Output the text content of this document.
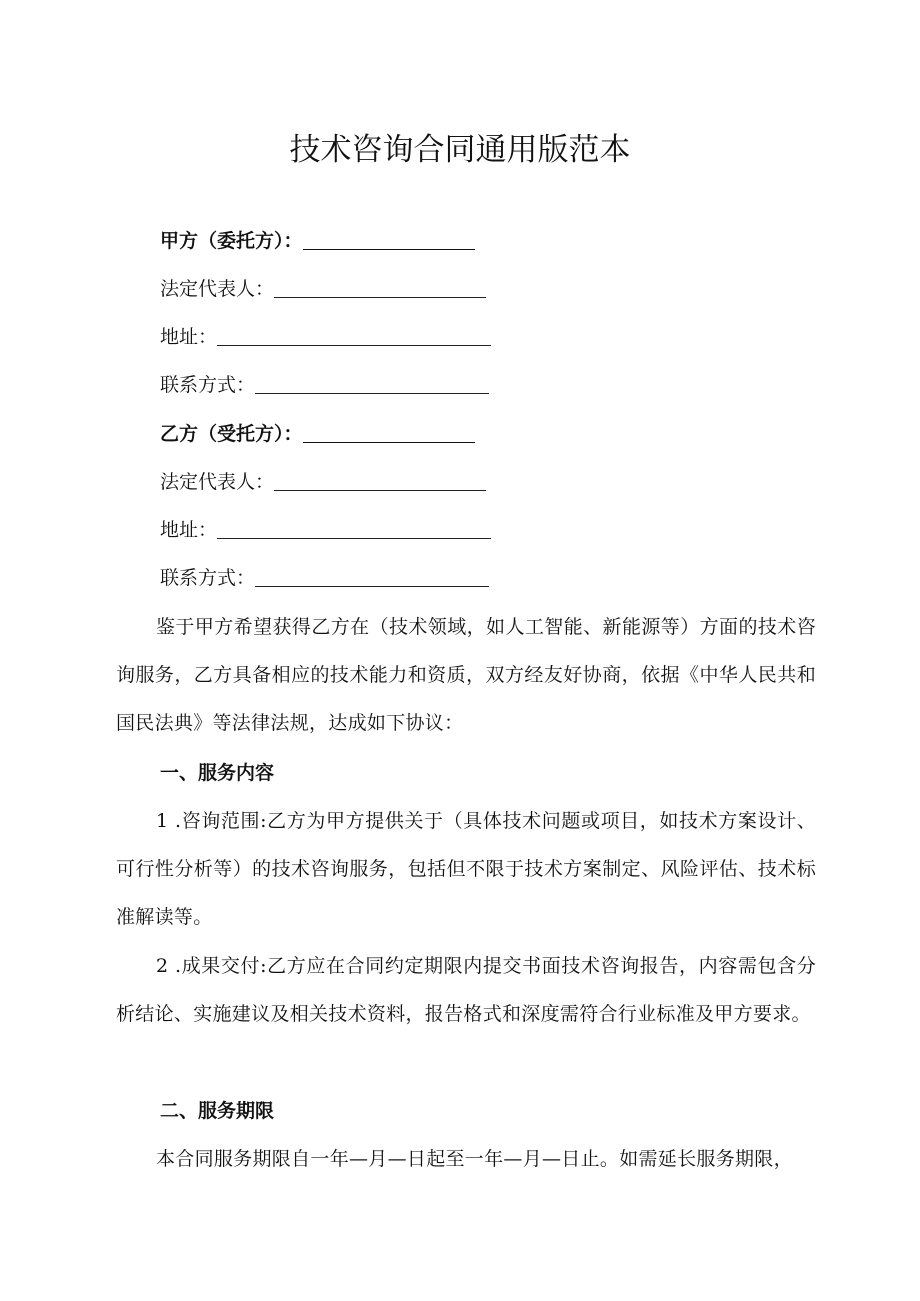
技术咨询合同通用版范本
甲方（委托方）：
法定代表人：
地址：
联系方式：
乙方（受托方）：
法定代表人：
地址：
联系方式：
鉴于甲方希望获得乙方在（技术领域，如人工智能、新能源等）方面的技术咨询服务，乙方具备相应的技术能力和资质，双方经友好协商，依据《中华人民共和国民法典》等法律法规，达成如下协议：
一、服务内容
1 .咨询范围:乙方为甲方提供关于（具体技术问题或项目，如技术方案设计、可行性分析等）的技术咨询服务，包括但不限于技术方案制定、风险评估、技术标准解读等。
2 .成果交付:乙方应在合同约定期限内提交书面技术咨询报告，内容需包含分析结论、实施建议及相关技术资料，报告格式和深度需符合行业标准及甲方要求。
二、服务期限
本合同服务期限自一年—月—日起至一年—月—日止。如需延长服务期限，
